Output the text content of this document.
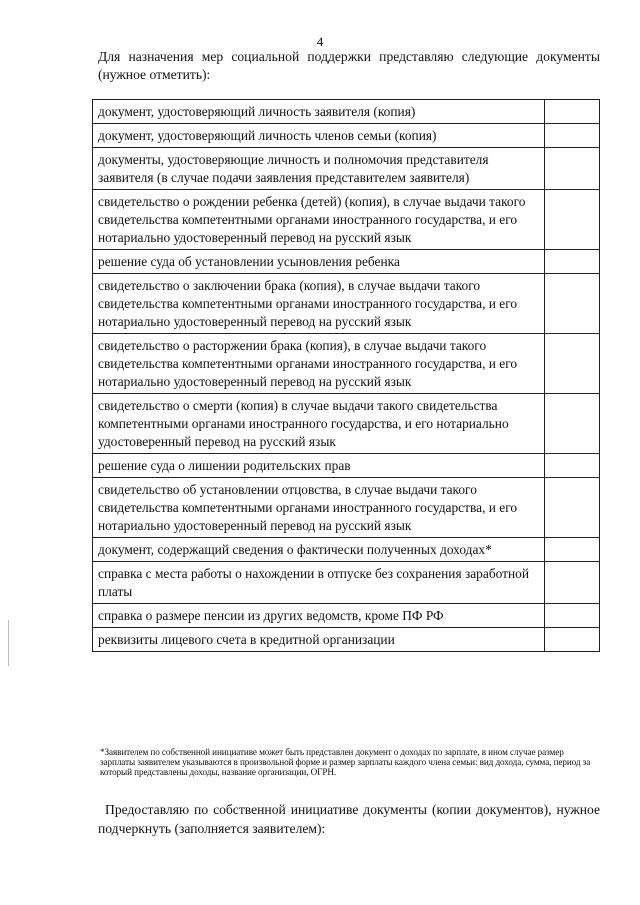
4
Для назначения мер социальной поддержки представляю следующие документы (нужное отметить):
документ, удостоверяющий личность заявителя (копия)	
документ, удостоверяющий личность членов семьи (копия)	
документы, удостоверяющие личность и полномочия представителя заявителя (в случае подачи заявления представителем заявителя)	
свидетельство о рождении ребенка (детей) (копия), в случае выдачи такого свидетельства компетентными органами иностранного государства, и его нотариально удостоверенный перевод на русский язык	
решение суда об установлении усыновления ребенка	
свидетельство о заключении брака (копия), в случае выдачи такого свидетельства компетентными органами иностранного государства, и его нотариально удостоверенный перевод на русский язык	
свидетельство о расторжении брака (копия), в случае выдачи такого свидетельства компетентными органами иностранного государства, и его нотариально удостоверенный перевод на русский язык	
свидетельство о смерти (копия) в случае выдачи такого свидетельства компетентными органами иностранного государства, и его нотариально удостоверенный перевод на русский язык	
решение суда о лишении родительских прав	
свидетельство об установлении отцовства, в случае выдачи такого свидетельства компетентными органами иностранного государства, и его нотариально удостоверенный перевод на русский язык	
документ, содержащий сведения о фактически полученных доходах*	
справка с места работы о нахождении в отпуске без сохранения заработной платы	
справка о размере пенсии из других ведомств, кроме ПФ РФ	
реквизиты лицевого счета в кредитной организации	
*Заявителем по собственной инициативе может быть представлен документ о доходах по зарплате, в ином случае размер зарплаты заявителем указываются в произвольной форме и размер зарплаты каждого члена семьи: вид дохода, сумма, период за который представлены доходы, название организации, ОГРН.
Предоставляю по собственной инициативе документы (копии документов), нужное подчеркнуть (заполняется заявителем):
